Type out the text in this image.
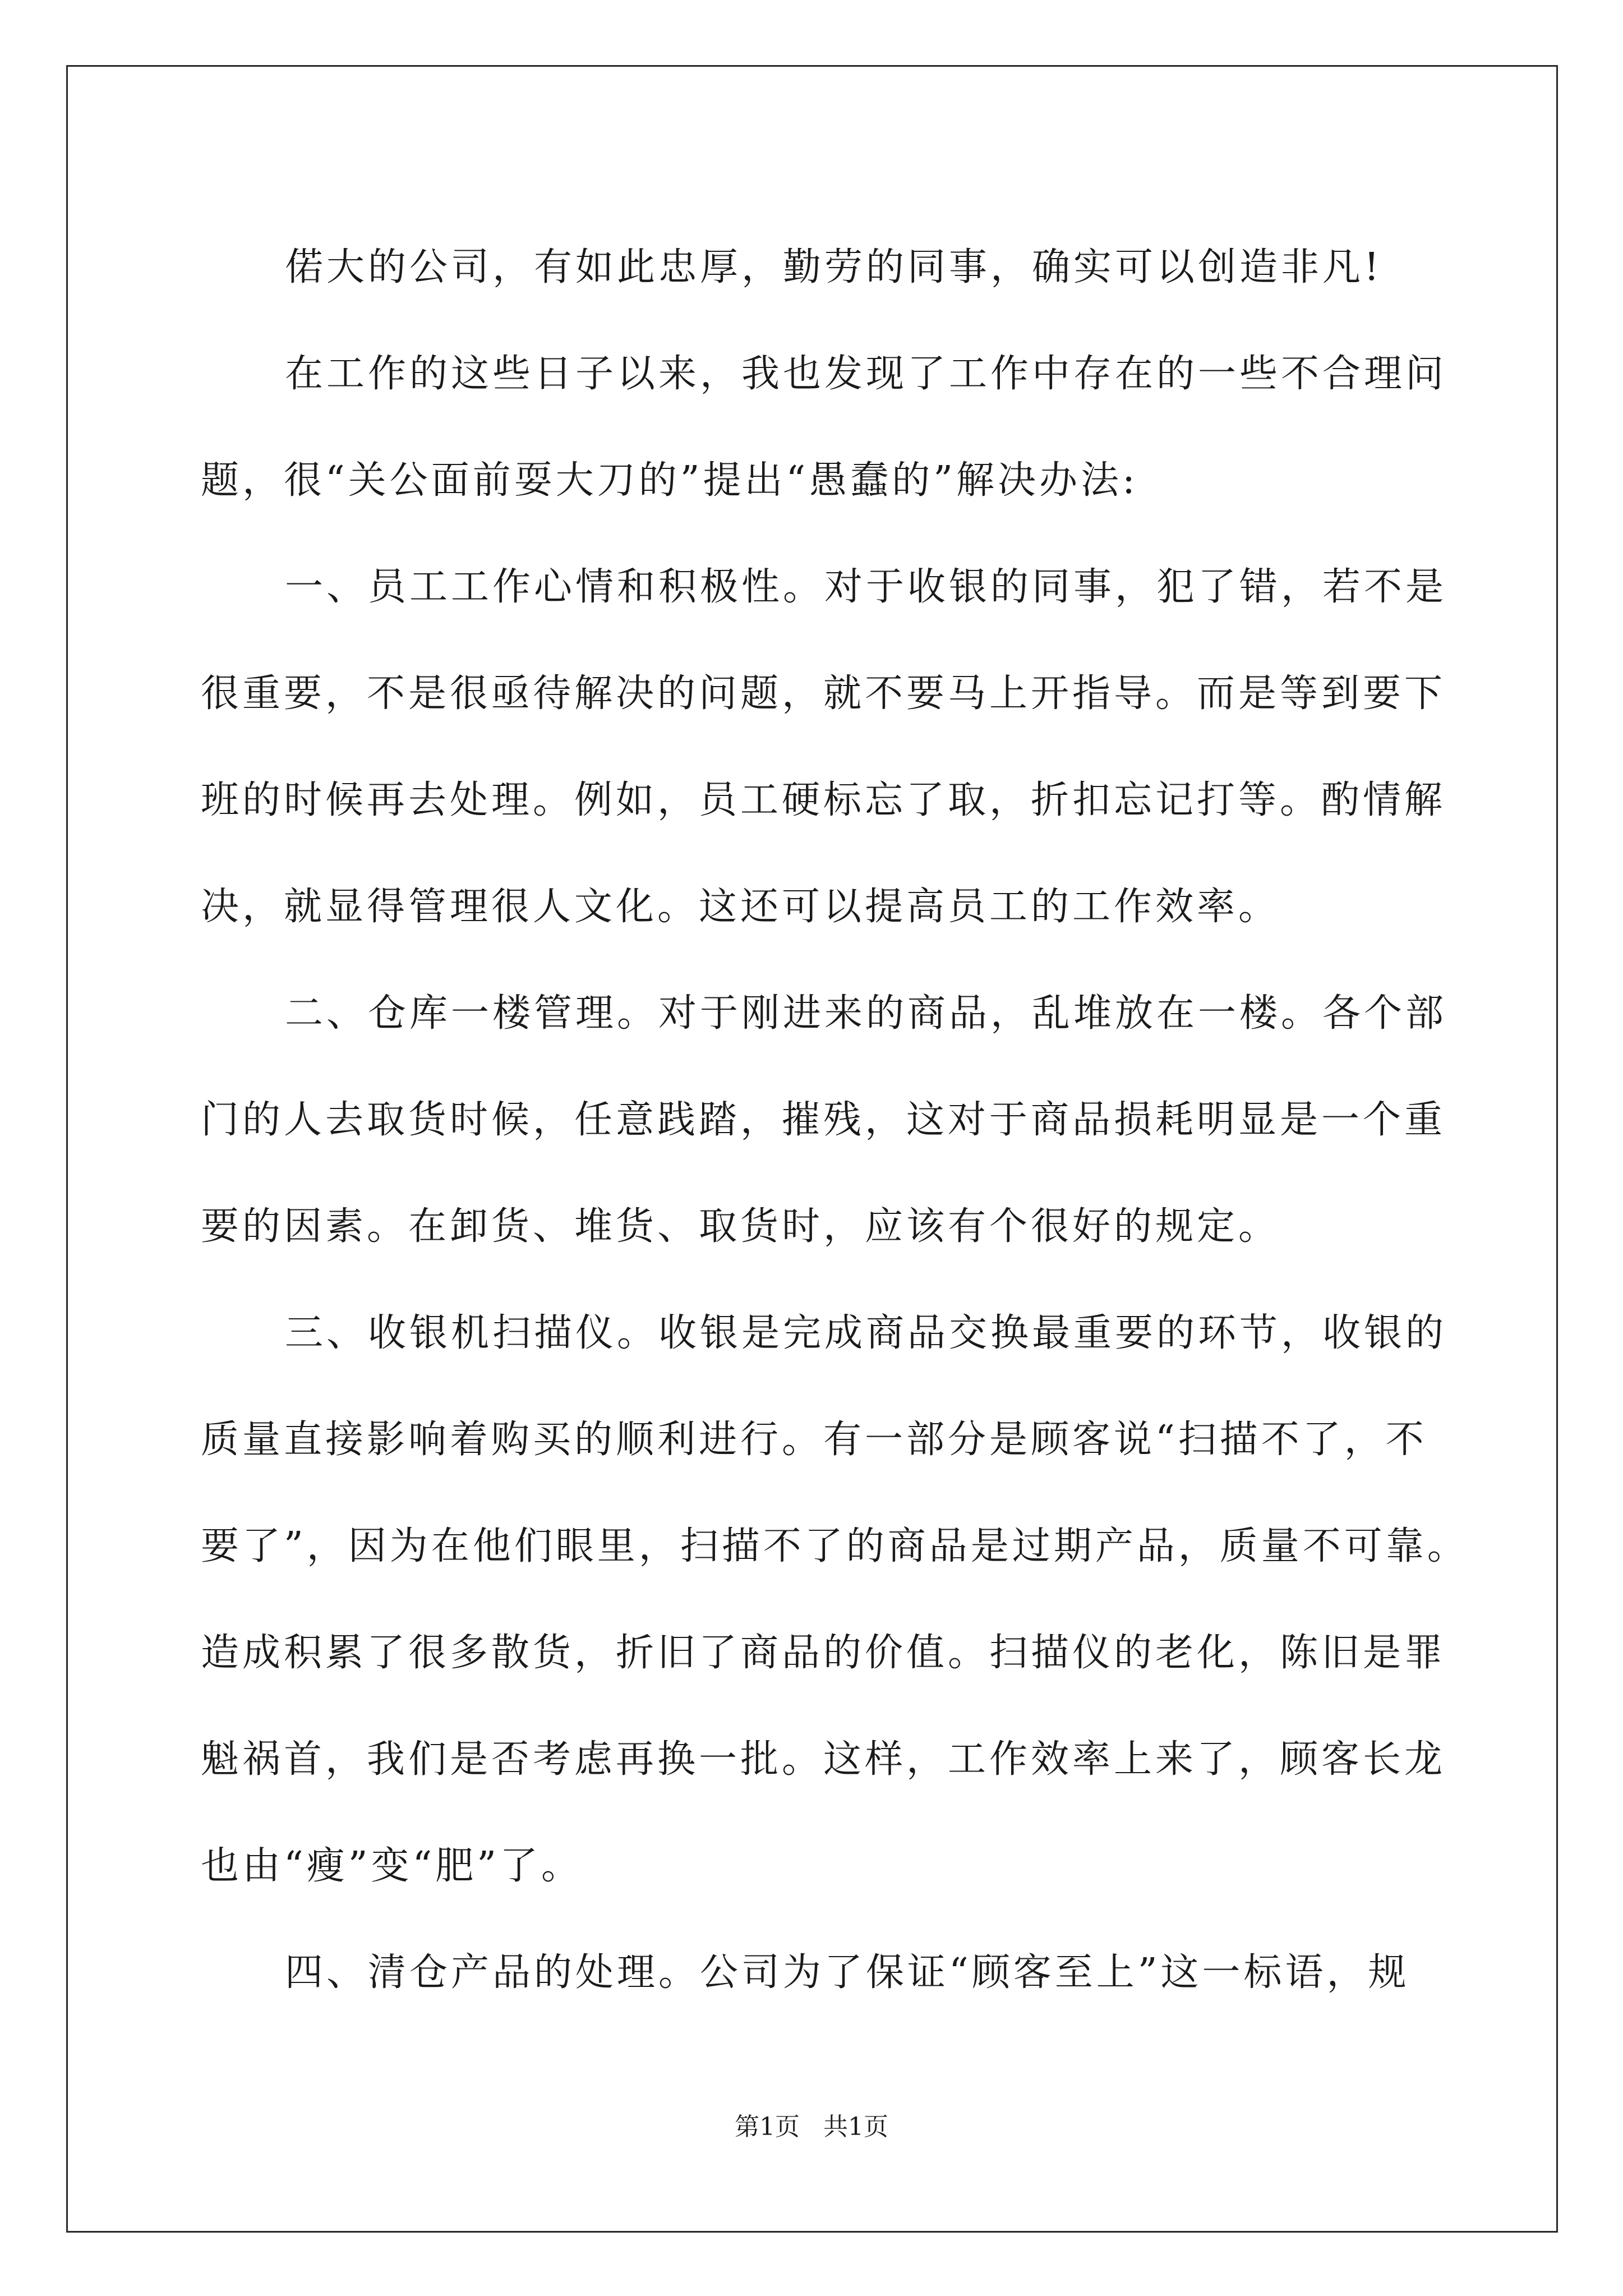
偌大的公司，有如此忠厚，勤劳的同事，确实可以创造非凡!
在工作的这些日子以来，我也发现了工作中存在的一些不合理问
题，很“关公面前耍大刀的”提出“愚蠢的”解决办法:
一、员工工作心情和积极性。对于收银的同事，犯了错，若不是
很重要，不是很亟待解决的问题，就不要马上开指导。而是等到要下
班的时候再去处理。例如，员工硬标忘了取，折扣忘记打等。酌情解
决，就显得管理很人文化。这还可以提高员工的工作效率。
二、仓库一楼管理。对于刚进来的商品，乱堆放在一楼。各个部
门的人去取货时候，任意践踏，摧残，这对于商品损耗明显是一个重
要的因素。在卸货、堆货、取货时，应该有个很好的规定。
三、收银机扫描仪。收银是完成商品交换最重要的环节，收银的
质量直接影响着购买的顺利进行。有一部分是顾客说“扫描不了，不
要了”，因为在他们眼里，扫描不了的商品是过期产品，质量不可靠。
造成积累了很多散货，折旧了商品的价值。扫描仪的老化，陈旧是罪
魁祸首，我们是否考虑再换一批。这样，工作效率上来了，顾客长龙
也由“瘦”变“肥”了。
四、清仓产品的处理。公司为了保证“顾客至上”这一标语，规
第1页   共1页
